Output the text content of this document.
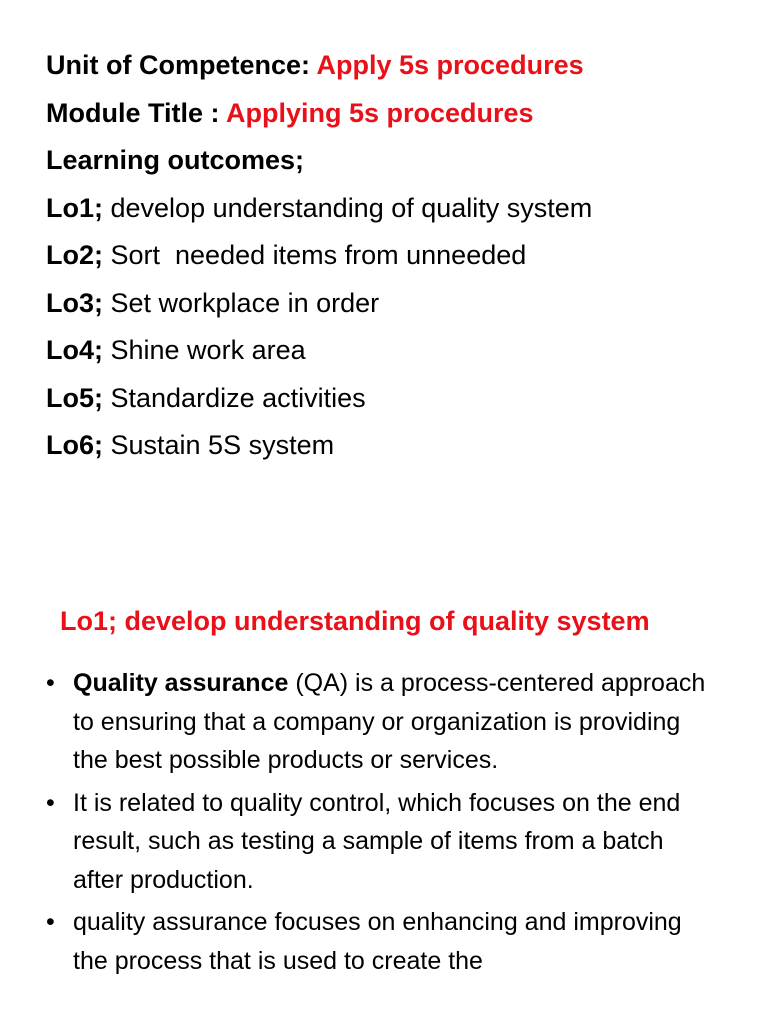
Unit of Competence: Apply 5s procedures
Module Title : Applying 5s procedures
Learning outcomes;
Lo1; develop understanding of quality system
Lo2; Sort  needed items from unneeded
Lo3; Set workplace in order
Lo4; Shine work area
Lo5; Standardize activities
Lo6; Sustain 5S system
Lo1; develop understanding of quality system
• Quality assurance (QA) is a process-centered approach to ensuring that a company or organization is providing the best possible products or services.
• It is related to quality control, which focuses on the end result, such as testing a sample of items from a batch after production.
• quality assurance focuses on enhancing and improving the process that is used to create the
